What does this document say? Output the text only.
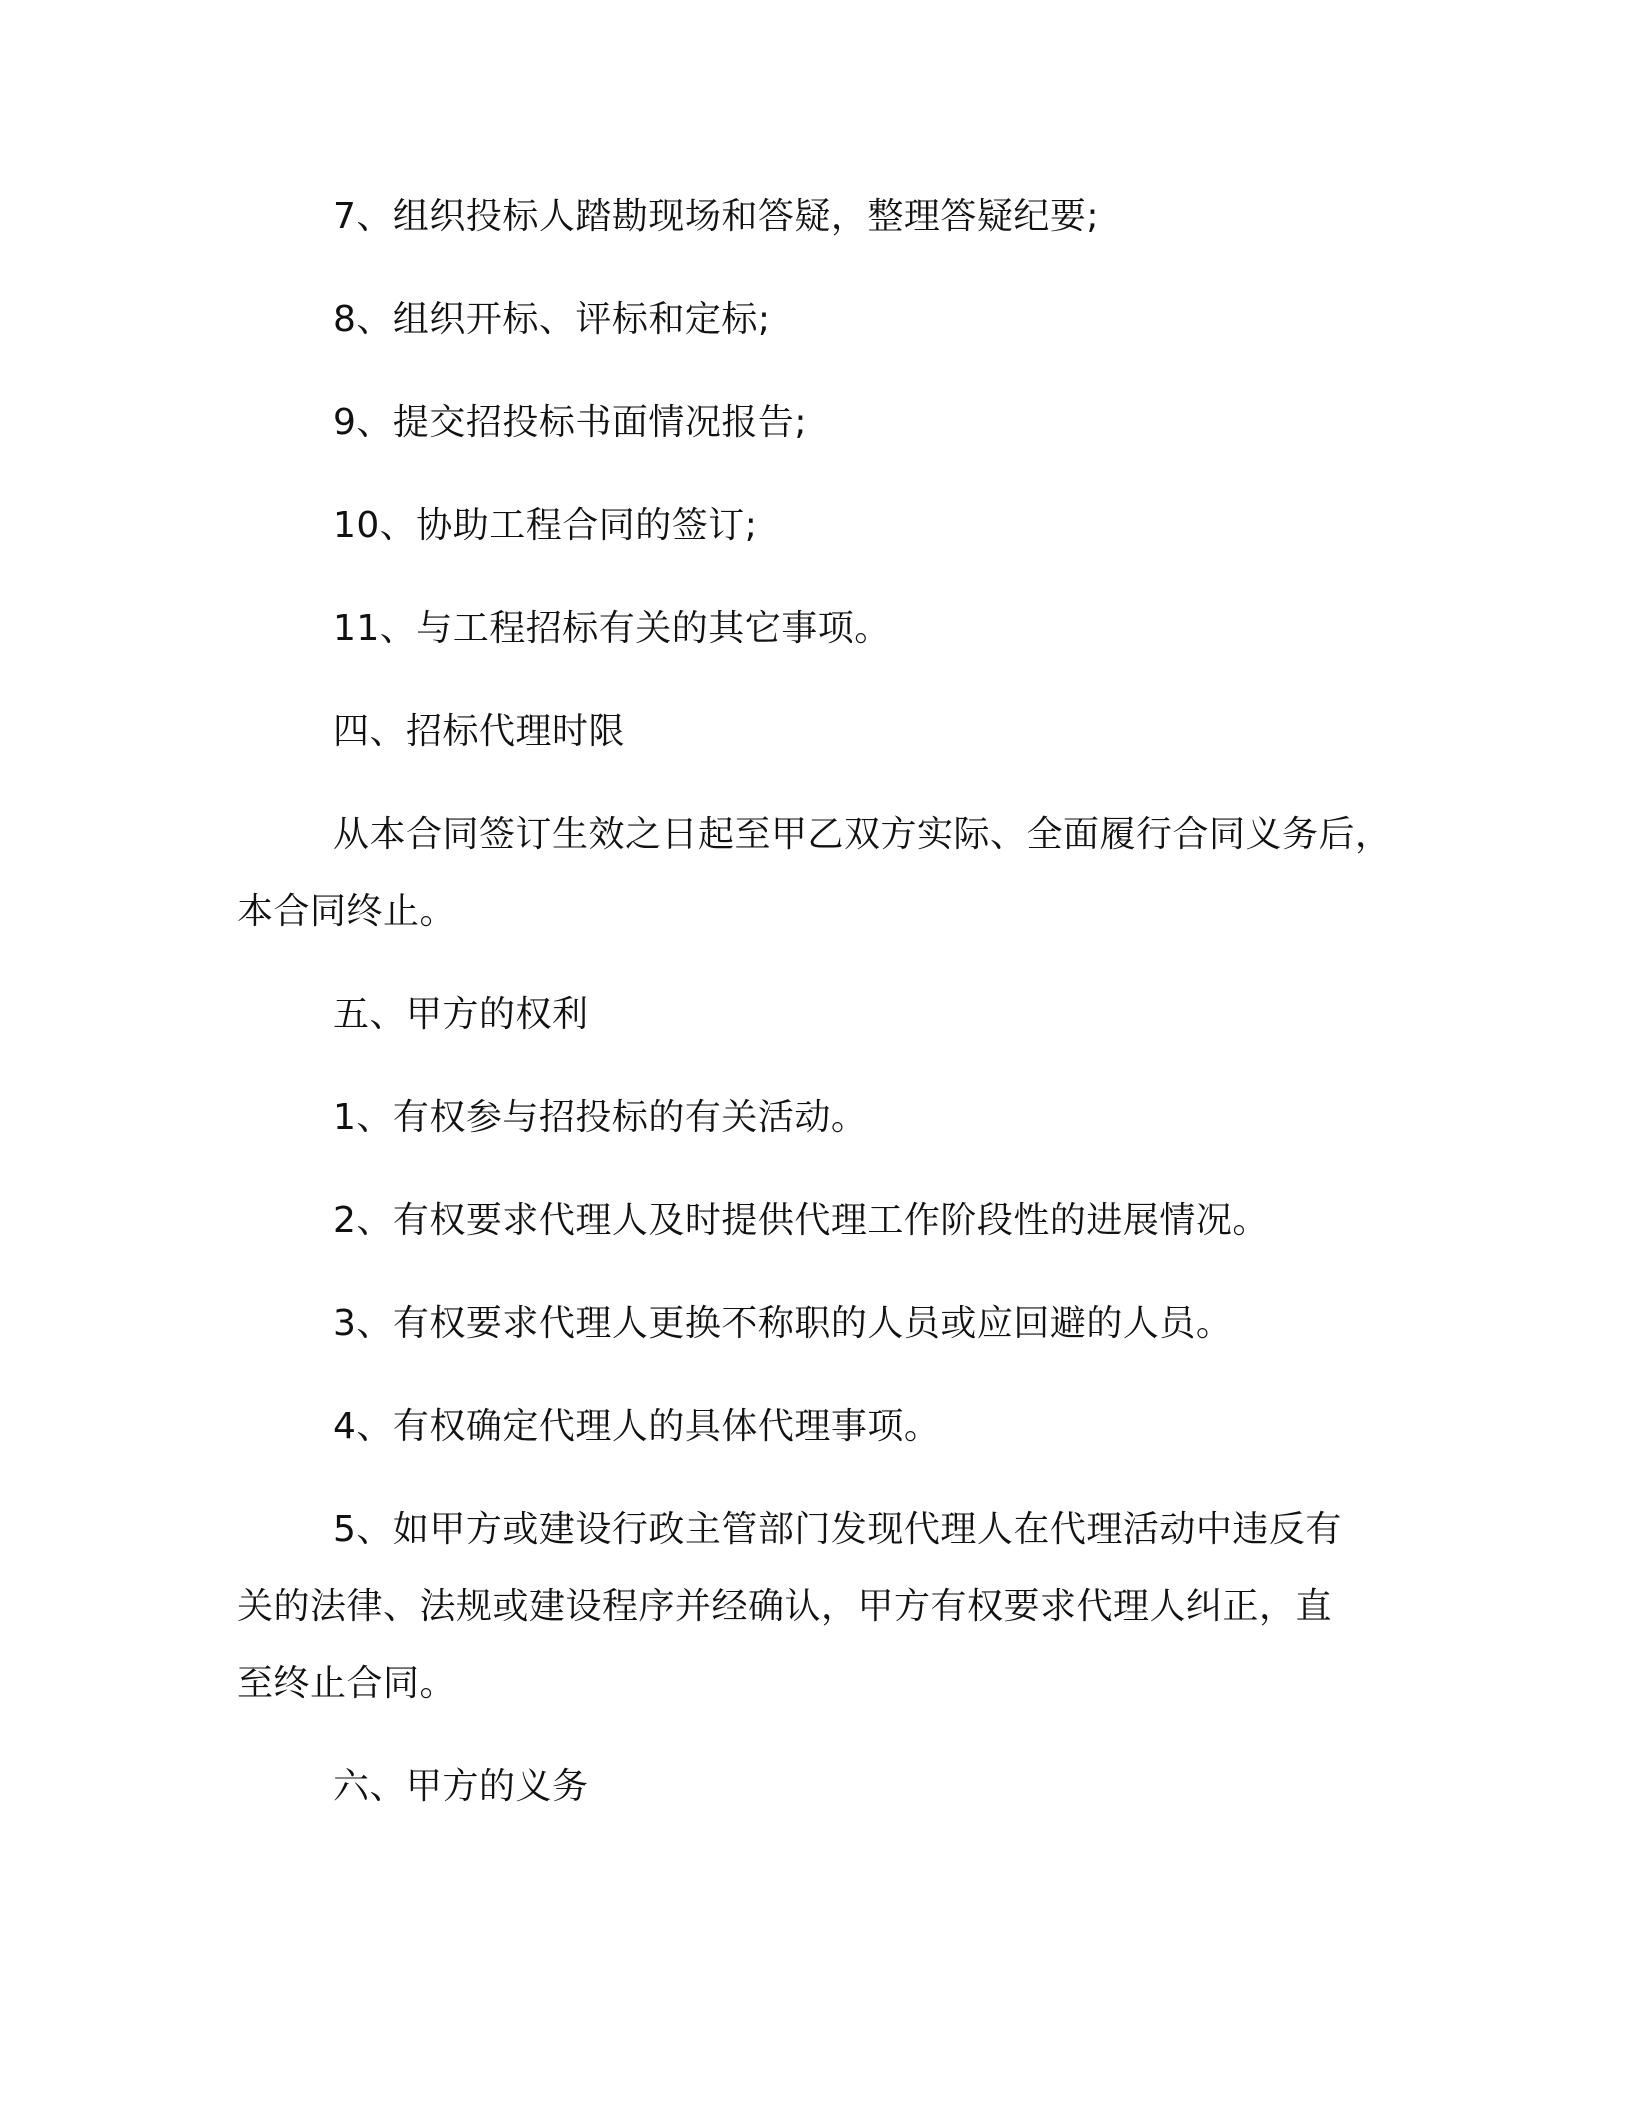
7、组织投标人踏勘现场和答疑，整理答疑纪要;
8、组织开标、评标和定标;
9、提交招投标书面情况报告;
10、协助工程合同的签订;
11、与工程招标有关的其它事项。
四、招标代理时限
从本合同签订生效之日起至甲乙双方实际、全面履行合同义务后，
本合同终止。
五、甲方的权利
1、有权参与招投标的有关活动。
2、有权要求代理人及时提供代理工作阶段性的进展情况。
3、有权要求代理人更换不称职的人员或应回避的人员。
4、有权确定代理人的具体代理事项。
5、如甲方或建设行政主管部门发现代理人在代理活动中违反有
关的法律、法规或建设程序并经确认，甲方有权要求代理人纠正，直
至终止合同。
六、甲方的义务
